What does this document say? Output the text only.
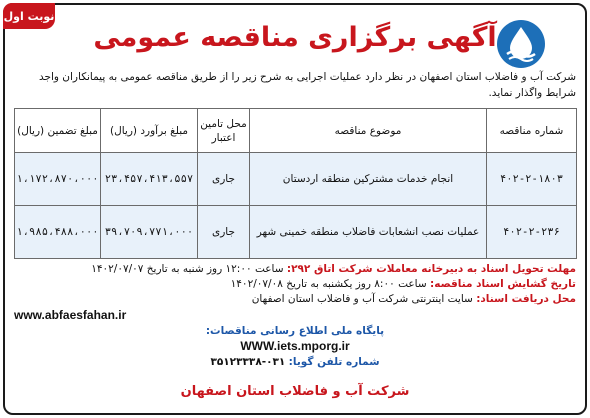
نوبت اول
آگهی برگزاری مناقصه عمومی
شرکت آب و فاضلاب استان اصفهان در نظر دارد عملیات اجرایی به شرح زیر را از طریق مناقصه عمومی به پیمانکاران واجد شرایط واگذار نماید.
شماره مناقصه	موضوع مناقصه	محل تامین اعتبار	مبلغ برآورد (ریال)	مبلغ تضمین (ریال)
۴۰۲-۲-۱۸۰۳	انجام خدمات مشترکین منطقه اردستان	جاری	۲۳،۴۵۷،۴۱۳،۵۵۷	۱،۱۷۲،۸۷۰،۰۰۰
۴۰۲-۲-۲۳۶	عملیات نصب انشعابات فاضلاب منطقه خمینی شهر	جاری	۳۹،۷۰۹،۷۷۱،۰۰۰	۱،۹۸۵،۴۸۸،۰۰۰
مهلت تحویل اسناد به دبیرخانه معاملات شرکت اتاق ۲۹۲: ساعت ۱۲:۰۰ روز شنبه به تاریخ ۱۴۰۲/۰۷/۰۷
تاریخ گشایش اسناد مناقصه: ساعت ۸:۰۰ روز یکشنبه به تاریخ ۱۴۰۲/۰۷/۰۸
محل دریافت اسناد: سایت اینترنتی شرکت آب و فاضلاب استان اصفهان
www.abfaesfahan.ir
پایگاه ملی اطلاع رسانی مناقصات:
WWW.iets.mporg.ir
شماره تلفن گویا: ۰۳۱-۳۵۱۲۳۳۳۸
شرکت آب و فاضلاب استان اصفهان
